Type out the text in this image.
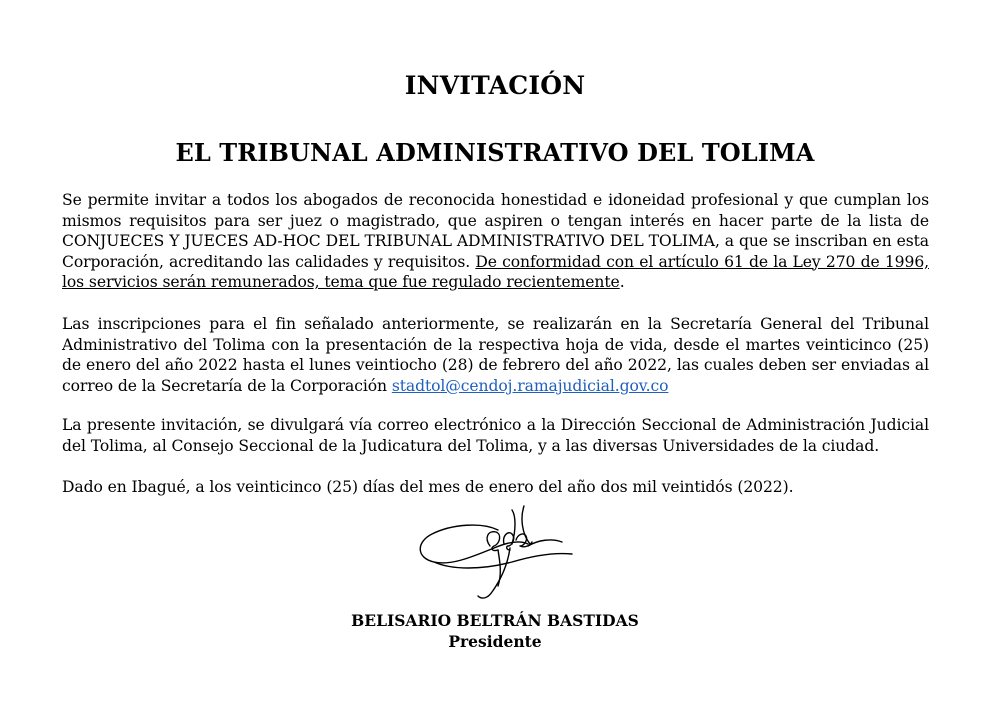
INVITACIÓN
EL TRIBUNAL ADMINISTRATIVO DEL TOLIMA

Se permite invitar a todos los abogados de reconocida honestidad e idoneidad profesional y que cumplan los mismos requisitos para ser juez o magistrado, que aspiren o tengan interés en hacer parte de la lista de CONJUECES Y JUECES AD-HOC DEL TRIBUNAL ADMINISTRATIVO DEL TOLIMA, a que se inscriban en esta Corporación, acreditando las calidades y requisitos. De conformidad con el artículo 61 de la Ley 270 de 1996, los servicios serán remunerados, tema que fue regulado recientemente.

Las inscripciones para el fin señalado anteriormente, se realizarán en la Secretaría General del Tribunal Administrativo del Tolima con la presentación de la respectiva hoja de vida, desde el martes veinticinco (25) de enero del año 2022 hasta el lunes veintiocho (28) de febrero del año 2022, las cuales deben ser enviadas al correo de la Secretaría de la Corporación stadtol@cendoj.ramajudicial.gov.co

La presente invitación, se divulgará vía correo electrónico a la Dirección Seccional de Administración Judicial del Tolima, al Consejo Seccional de la Judicatura del Tolima, y a las diversas Universidades de la ciudad.

Dado en Ibagué, a los veinticinco (25) días del mes de enero del año dos mil veintidós (2022).

BELISARIO BELTRÁN BASTIDAS

Presidente
